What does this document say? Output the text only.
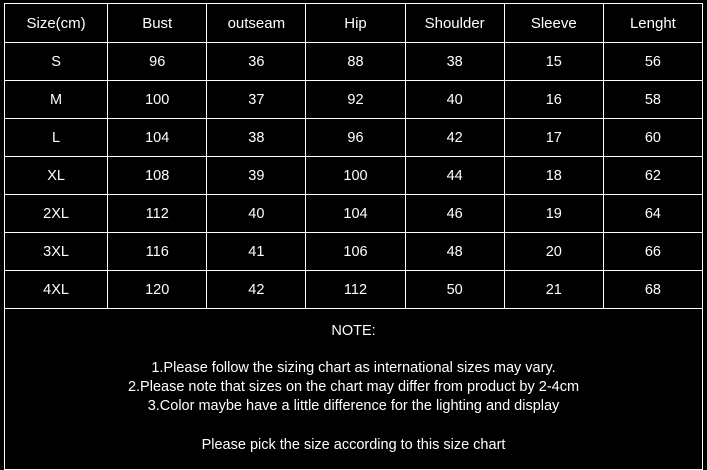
Size(cm)	Bust	outseam	Hip	Shoulder	Sleeve	Lenght
S	96	36	88	38	15	56
M	100	37	92	40	16	58
L	104	38	96	42	17	60
XL	108	39	100	44	18	62
2XL	112	40	104	46	19	64
3XL	116	41	106	48	20	66
4XL	120	42	112	50	21	68
NOTE:
1.Please follow the sizing chart as international sizes may vary.
2.Please note that sizes on the chart may differ from product by 2-4cm
3.Color maybe have a little difference for the lighting and display
Please pick the size according to this size chart
